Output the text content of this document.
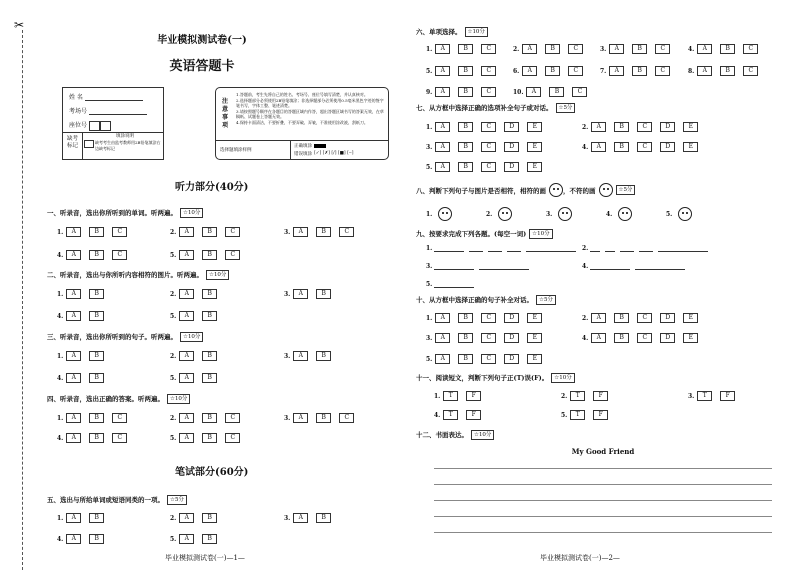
✂
毕业模拟测试卷(一)
英语答题卡
姓 名
考场号
座位号
缺考标记
填涂说明
缺考考生由监考教师用2B铅笔填涂右边缺考标记
注意事项
1.答题前，考生先将自己的姓名、考场号、座位号填写清楚，并认真核对。
2.选择题部分必须使用2B铅笔填涂；非选择题部分必须使用0.5毫米黑色字迹的签字笔书写，字体工整、笔迹清楚。
3.请按照题号顺序在各题目的答题区域内作答，超出答题区域书写的答案无效，在草稿纸、试题卷上答题无效。
4.保持卡面清洁，不要折叠，不要弄破、弄皱，不准使用涂改液、刮纸刀。
选择题填涂样例
正确填涂
错误填涂 [✓] [✗] [/] [■] [‒]
听力部分(40分)
一、听录音，选出你所听到的单词。听两遍。 ☆10分
1.	A	B	C	2.	A	B	C	3.	A	B	C
4.	A	B	C	5.	A	B	C
二、听录音，选出与你所听内容相符的图片。听两遍。 ☆10分
1.	A	B	2.	A	B	3.	A	B
4.	A	B	5.	A	B
三、听录音，选出你所听到的句子。听两遍。 ☆10分
1.	A	B	2.	A	B	3.	A	B
4.	A	B	5.	A	B
四、听录音，选出正确的答案。听两遍。 ☆10分
1.	A	B	C	2.	A	B	C	3.	A	B	C
4.	A	B	C	5.	A	B	C
笔试部分(60分)
五、选出与所给单词或短语同类的一项。 ☆5分
1.	A	B	2.	A	B	3.	A	B
4.	A	B	5.	A	B
毕业模拟测试卷(一)—1—
六、单项选择。 ☆10分
1.	A	B	C	2.	A	B	C	3.	A	B	C	4.	A	B	C
5.	A	B	C	6.	A	B	C	7.	A	B	C	8.	A	B	C
9.	A	B	C	10.	A	B	C
七、从方框中选择正确的选项补全句子或对话。 ☆5分
1.	A	B	C	D	E	2.	A	B	C	D	E
3.	A	B	C	D	E	4.	A	B	C	D	E
5.	A	B	C	D	E
八、判断下列句子与图片是否相符，相符的画	，不符的画	☆5分
1.	2.	3.	4.	5.
九、按要求完成下列各题。(每空一词) ☆10分
1.	2.
3.	4.
5.
十、从方框中选择正确的句子补全对话。 ☆5分
1.	A	B	C	D	E	2.	A	B	C	D	E
3.	A	B	C	D	E	4.	A	B	C	D	E
5.	A	B	C	D	E
十一、阅读短文，判断下列句子正(T)误(F)。 ☆10分
1.	T	F	2.	T	F	3.	T	F
4.	T	F	5.	T	F
十二、书面表达。 ☆10分
My Good Friend
毕业模拟测试卷(一)—2—
